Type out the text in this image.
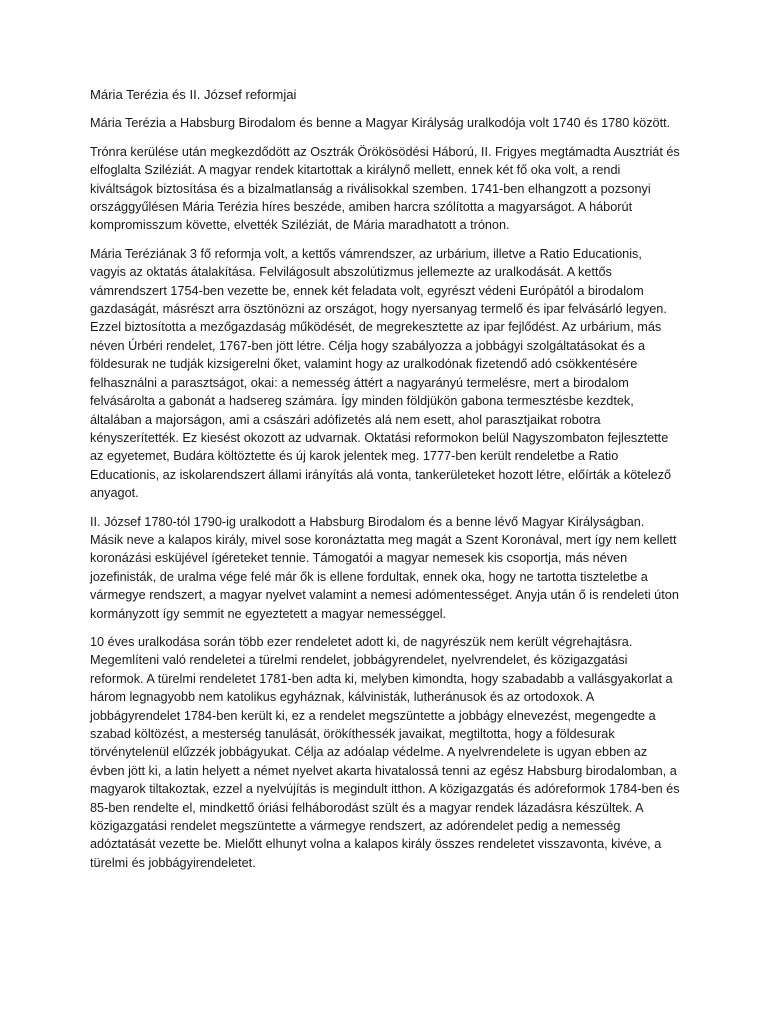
Mária Terézia és II. József reformjai

Mária Terézia a Habsburg Birodalom és benne a Magyar Királyság uralkodója volt 1740 és 1780 között.

Trónra kerülése után megkezdődött az Osztrák Örökösödési Háború, II. Frigyes megtámadta Ausztriát és elfoglalta Sziléziát. A magyar rendek kitartottak a királynő mellett, ennek két fő oka volt, a rendi kiváltságok biztosítása és a bizalmatlanság a riválisokkal szemben. 1741-ben elhangzott a pozsonyi országgyűlésen Mária Terézia híres beszéde, amiben harcra szólította a magyarságot. A háborút kompromisszum követte, elvették Sziléziát, de Mária maradhatott a trónon.

Mária Teréziának 3 fő reformja volt, a kettős vámrendszer, az urbárium, illetve a Ratio Educationis, vagyis az oktatás átalakítása. Felvilágosult abszolútizmus jellemezte az uralkodását. A kettős vámrendszert 1754-ben vezette be, ennek két feladata volt, egyrészt védeni Európától a birodalom gazdaságát, másrészt arra ösztönözni az országot, hogy nyersanyag termelő és ipar felvásárló legyen. Ezzel biztosította a mezőgazdaság működését, de megrekesztette az ipar fejlődést. Az urbárium, más néven Úrbéri rendelet, 1767-ben jött létre. Célja hogy szabályozza a jobbágyi szolgáltatásokat és a földesurak ne tudják kizsigerelni őket, valamint hogy az uralkodónak fizetendő adó csökkentésére felhasználni a parasztságot, okai: a nemesség áttért a nagyarányú termelésre, mert a birodalom felvásárolta a gabonát a hadsereg számára. Így minden földjükön gabona termesztésbe kezdtek, általában a majorságon, ami a császári adófizetés alá nem esett, ahol parasztjaikat robotra kényszerítették. Ez kiesést okozott az udvarnak. Oktatási reformokon belül Nagyszombaton fejlesztette az egyetemet, Budára költöztette és új karok jelentek meg. 1777-ben került rendeletbe a Ratio Educationis, az iskolarendszert állami irányítás alá vonta, tankerületeket hozott létre, előírták a kötelező anyagot.

II. József 1780-tól 1790-ig uralkodott a Habsburg Birodalom és a benne lévő Magyar Királyságban. Másik neve a kalapos király, mivel sose koronáztatta meg magát a Szent Koronával, mert így nem kellett koronázási esküjével ígéreteket tennie. Támogatói a magyar nemesek kis csoportja, más néven jozefinisták, de uralma vége felé már ők is ellene fordultak, ennek oka, hogy ne tartotta tiszteletbe a vármegye rendszert, a magyar nyelvet valamint a nemesi adómentességet. Anyja után ő is rendeleti úton kormányzott így semmit ne egyeztetett a magyar nemességgel.

10 éves uralkodása során több ezer rendeletet adott ki, de nagyrészük nem került végrehajtásra. Megemlíteni való rendeletei a türelmi rendelet, jobbágyrendelet, nyelvrendelet, és közigazgatási reformok. A türelmi rendeletet 1781-ben adta ki, melyben kimondta, hogy szabadabb a vallásgyakorlat a három legnagyobb nem katolikus egyháznak, kálvinisták, lutheránusok és az ortodoxok. A jobbágyrendelet 1784-ben került ki, ez a rendelet megszüntette a jobbágy elnevezést, megengedte a szabad költözést, a mesterség tanulását, örökíthessék javaikat, megtiltotta, hogy a földesurak törvénytelenül elűzzék jobbágyukat. Célja az adóalap védelme. A nyelvrendelete is ugyan ebben az évben jött ki, a latin helyett a német nyelvet akarta hivatalossá tenni az egész Habsburg birodalomban, a magyarok tiltakoztak, ezzel a nyelvújítás is megindult itthon. A közigazgatás és adóreformok 1784-ben és 85-ben rendelte el, mindkettő óriási felháborodást szült és a magyar rendek lázadásra készültek. A közigazgatási rendelet megszüntette a vármegye rendszert, az adórendelet pedig a nemesség adóztatását vezette be. Mielőtt elhunyt volna a kalapos király összes rendeletet visszavonta, kivéve, a türelmi és jobbágyirendeletet.
